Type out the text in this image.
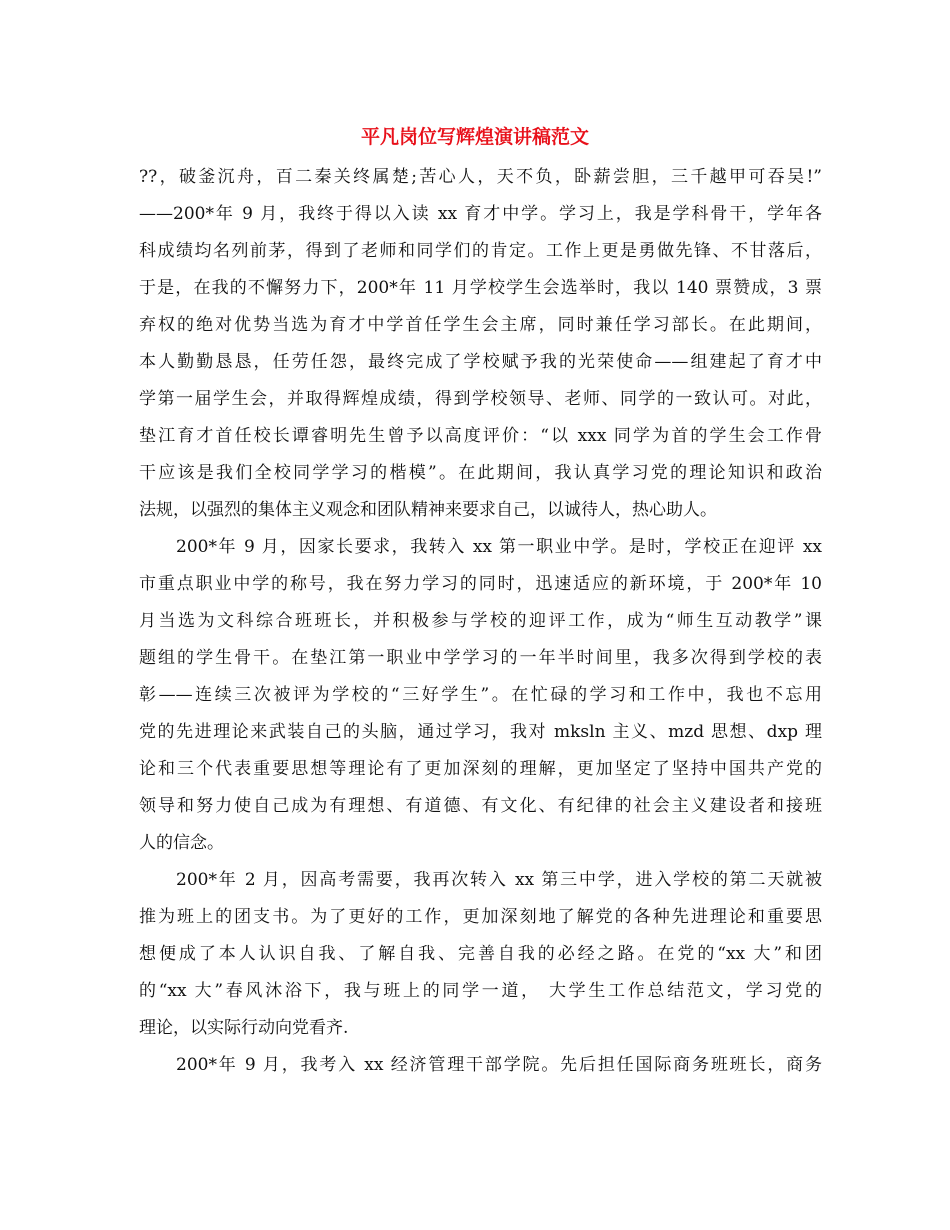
平凡岗位写辉煌演讲稿范文

??，破釜沉舟，百二秦关终属楚;苦心人，天不负，卧薪尝胆，三千越甲可吞吴!”

——200*年 9 月，我终于得以入读 xx 育才中学。学习上，我是学科骨干，学年各

科成绩均名列前茅，得到了老师和同学们的肯定。工作上更是勇做先锋、不甘落后，

于是，在我的不懈努力下，200*年 11 月学校学生会选举时，我以 140 票赞成，3 票

弃权的绝对优势当选为育才中学首任学生会主席，同时兼任学习部长。在此期间，

本人勤勤恳恳，任劳任怨，最终完成了学校赋予我的光荣使命——组建起了育才中

学第一届学生会，并取得辉煌成绩，得到学校领导、老师、同学的一致认可。对此，

垫江育才首任校长谭睿明先生曾予以高度评价：“以 xxx 同学为首的学生会工作骨

干应该是我们全校同学学习的楷模”。在此期间，我认真学习党的理论知识和政治

法规，以强烈的集体主义观念和团队精神来要求自己，以诚待人，热心助人。

200*年 9 月，因家长要求，我转入 xx 第一职业中学。是时，学校正在迎评 xx

市重点职业中学的称号，我在努力学习的同时，迅速适应的新环境，于 200*年 10

月当选为文科综合班班长，并积极参与学校的迎评工作，成为“师生互动教学”课

题组的学生骨干。在垫江第一职业中学学习的一年半时间里，我多次得到学校的表

彰——连续三次被评为学校的“三好学生”。在忙碌的学习和工作中，我也不忘用

党的先进理论来武装自己的头脑，通过学习，我对 mksln 主义、mzd 思想、dxp 理

论和三个代表重要思想等理论有了更加深刻的理解，更加坚定了坚持中国共产党的

领导和努力使自己成为有理想、有道德、有文化、有纪律的社会主义建设者和接班

人的信念。

200*年 2 月，因高考需要，我再次转入 xx 第三中学，进入学校的第二天就被

推为班上的团支书。为了更好的工作，更加深刻地了解党的各种先进理论和重要思

想便成了本人认识自我、了解自我、完善自我的必经之路。在党的“xx 大”和团

的“xx 大”春风沐浴下，我与班上的同学一道， 大学生工作总结范文，学习党的

理论，以实际行动向党看齐.

200*年 9 月，我考入 xx 经济管理干部学院。先后担任国际商务班班长，商务
